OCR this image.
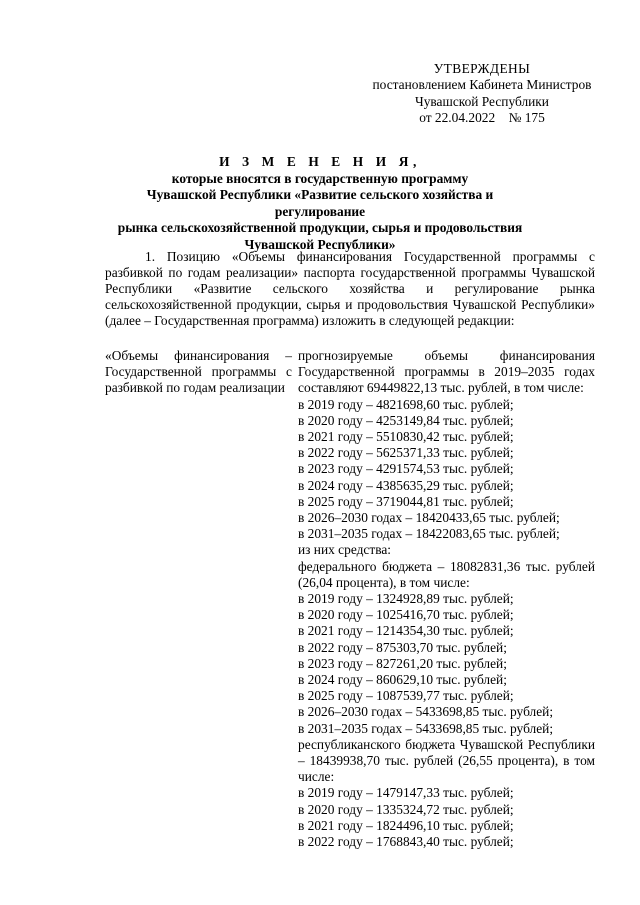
УТВЕРЖДЕНЫ
постановлением Кабинета Министров
Чувашской Республики
от 22.04.2022    № 175
И З М Е Н Е Н И Я,
которые вносятся в государственную программу
Чувашской Республики «Развитие сельского хозяйства и регулирование
рынка сельскохозяйственной продукции, сырья и продовольствия
Чувашской Республики»
1. Позицию «Объемы финансирования Государственной программы с разбивкой по годам реализации» паспорта государственной программы Чувашской Республики «Развитие сельского хозяйства и регулирование рынка сельскохозяйственной продукции, сырья и продовольствия Чувашской Республики» (далее – Государственная программа) изложить в следующей редакции:
«Объемы финансирования – Государственной программы с разбивкой по годам реализации
прогнозируемые объемы финансирования Государственной программы в 2019–2035 годах составляют 69449822,13 тыс. рублей, в том числе:
в 2019 году – 4821698,60 тыс. рублей;
в 2020 году – 4253149,84 тыс. рублей;
в 2021 году – 5510830,42 тыс. рублей;
в 2022 году – 5625371,33 тыс. рублей;
в 2023 году – 4291574,53 тыс. рублей;
в 2024 году – 4385635,29 тыс. рублей;
в 2025 году – 3719044,81 тыс. рублей;
в 2026–2030 годах – 18420433,65 тыс. рублей;
в 2031–2035 годах – 18422083,65 тыс. рублей;
из них средства:
федерального бюджета – 18082831,36 тыс. рублей (26,04 процента), в том числе:
в 2019 году – 1324928,89 тыс. рублей;
в 2020 году – 1025416,70 тыс. рублей;
в 2021 году – 1214354,30 тыс. рублей;
в 2022 году – 875303,70 тыс. рублей;
в 2023 году – 827261,20 тыс. рублей;
в 2024 году – 860629,10 тыс. рублей;
в 2025 году – 1087539,77 тыс. рублей;
в 2026–2030 годах – 5433698,85 тыс. рублей;
в 2031–2035 годах – 5433698,85 тыс. рублей;
республиканского бюджета Чувашской Республики – 18439938,70 тыс. рублей (26,55 процента), в том числе:
в 2019 году – 1479147,33 тыс. рублей;
в 2020 году – 1335324,72 тыс. рублей;
в 2021 году – 1824496,10 тыс. рублей;
в 2022 году – 1768843,40 тыс. рублей;
